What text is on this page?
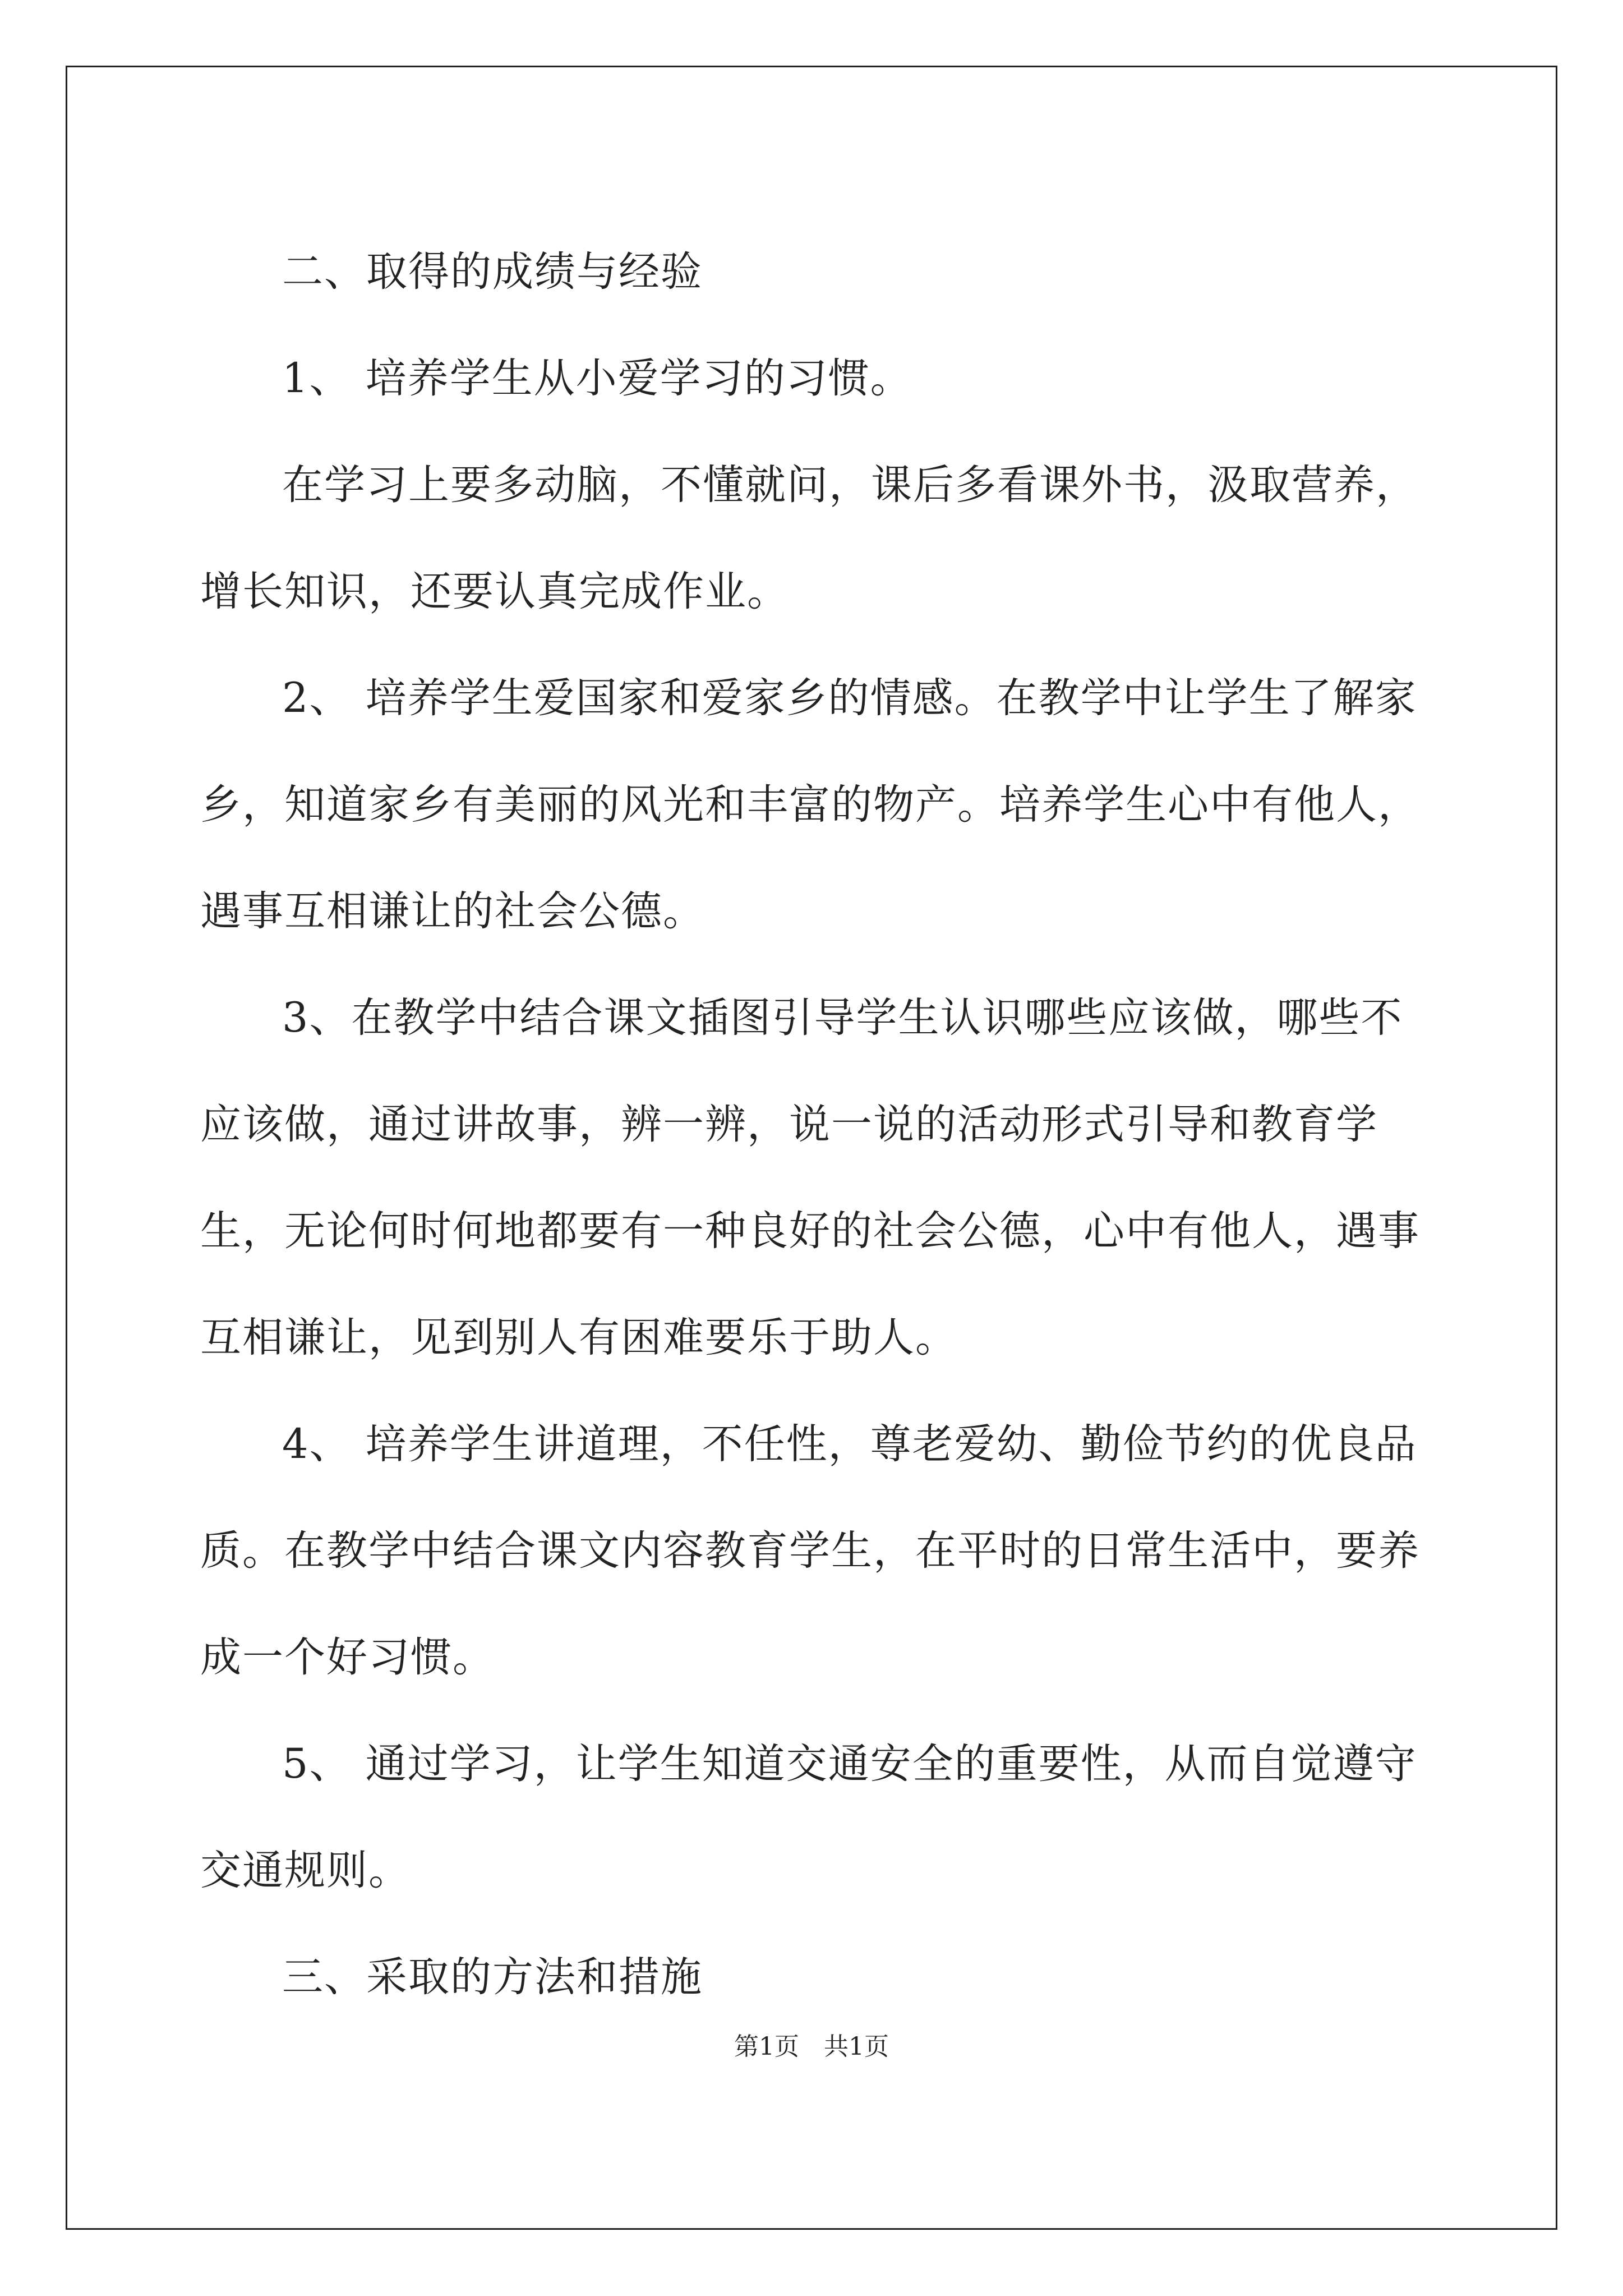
二、取得的成绩与经验

1、 培养学生从小爱学习的习惯。

在学习上要多动脑，不懂就问，课后多看课外书，汲取营养，增长知识，还要认真完成作业。

2、 培养学生爱国家和爱家乡的情感。在教学中让学生了解家乡，知道家乡有美丽的风光和丰富的物产。培养学生心中有他人，遇事互相谦让的社会公德。

3、在教学中结合课文插图引导学生认识哪些应该做，哪些不应该做，通过讲故事，辨一辨，说一说的活动形式引导和教育学生，无论何时何地都要有一种良好的社会公德，心中有他人，遇事互相谦让，见到别人有困难要乐于助人。

4、 培养学生讲道理，不任性，尊老爱幼、勤俭节约的优良品质。在教学中结合课文内容教育学生，在平时的日常生活中，要养成一个好习惯。

5、 通过学习，让学生知道交通安全的重要性，从而自觉遵守交通规则。

三、采取的方法和措施

第1页　共1页
